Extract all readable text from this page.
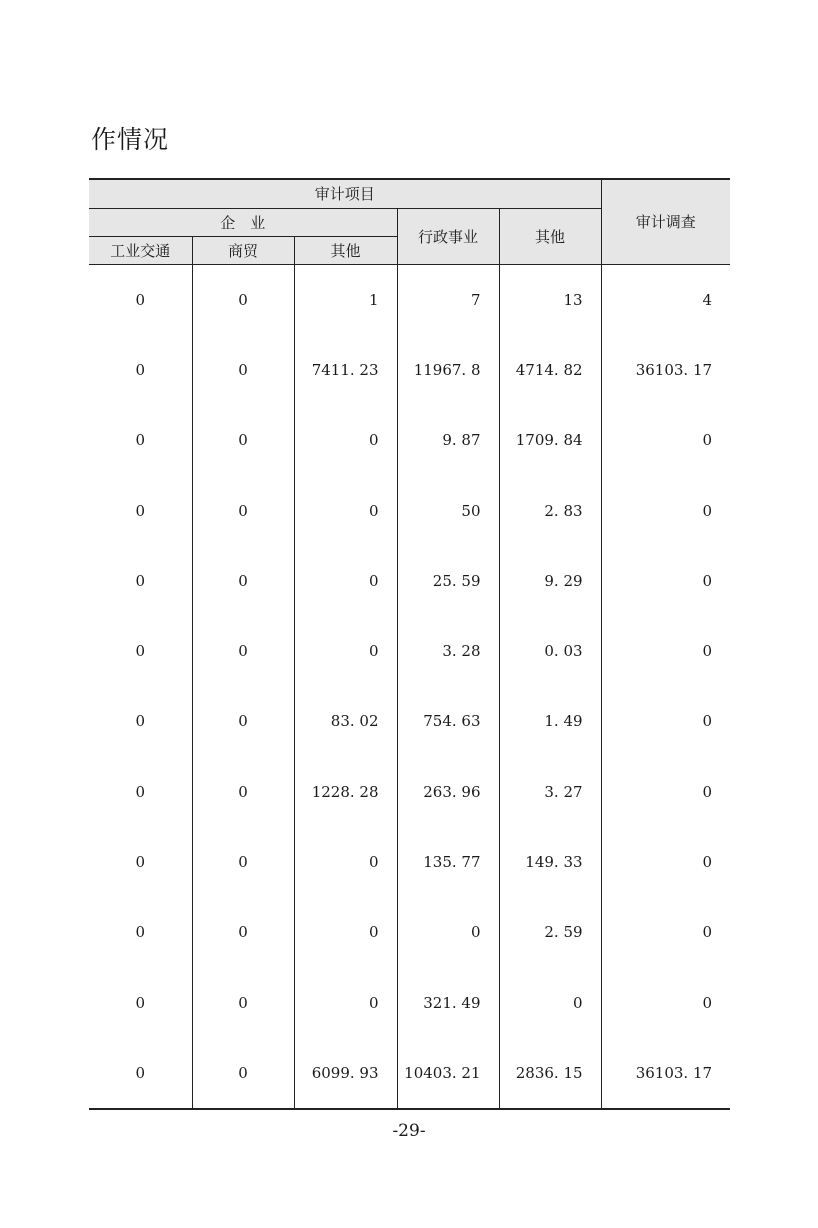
作情况
审计项目					审计调查
企　业			行政事业	其他	
工业交通	商贸	其他			
0	0	1	7	13	4
0	0	7411. 23	11967. 8	4714. 82	36103. 17
0	0	0	9. 87	1709. 84	0
0	0	0	50	2. 83	0
0	0	0	25. 59	9. 29	0
0	0	0	3. 28	0. 03	0
0	0	83. 02	754. 63	1. 49	0
0	0	1228. 28	263. 96	3. 27	0
0	0	0	135. 77	149. 33	0
0	0	0	0	2. 59	0
0	0	0	321. 49	0	0
0	0	6099. 93	10403. 21	2836. 15	36103. 17
-29-
